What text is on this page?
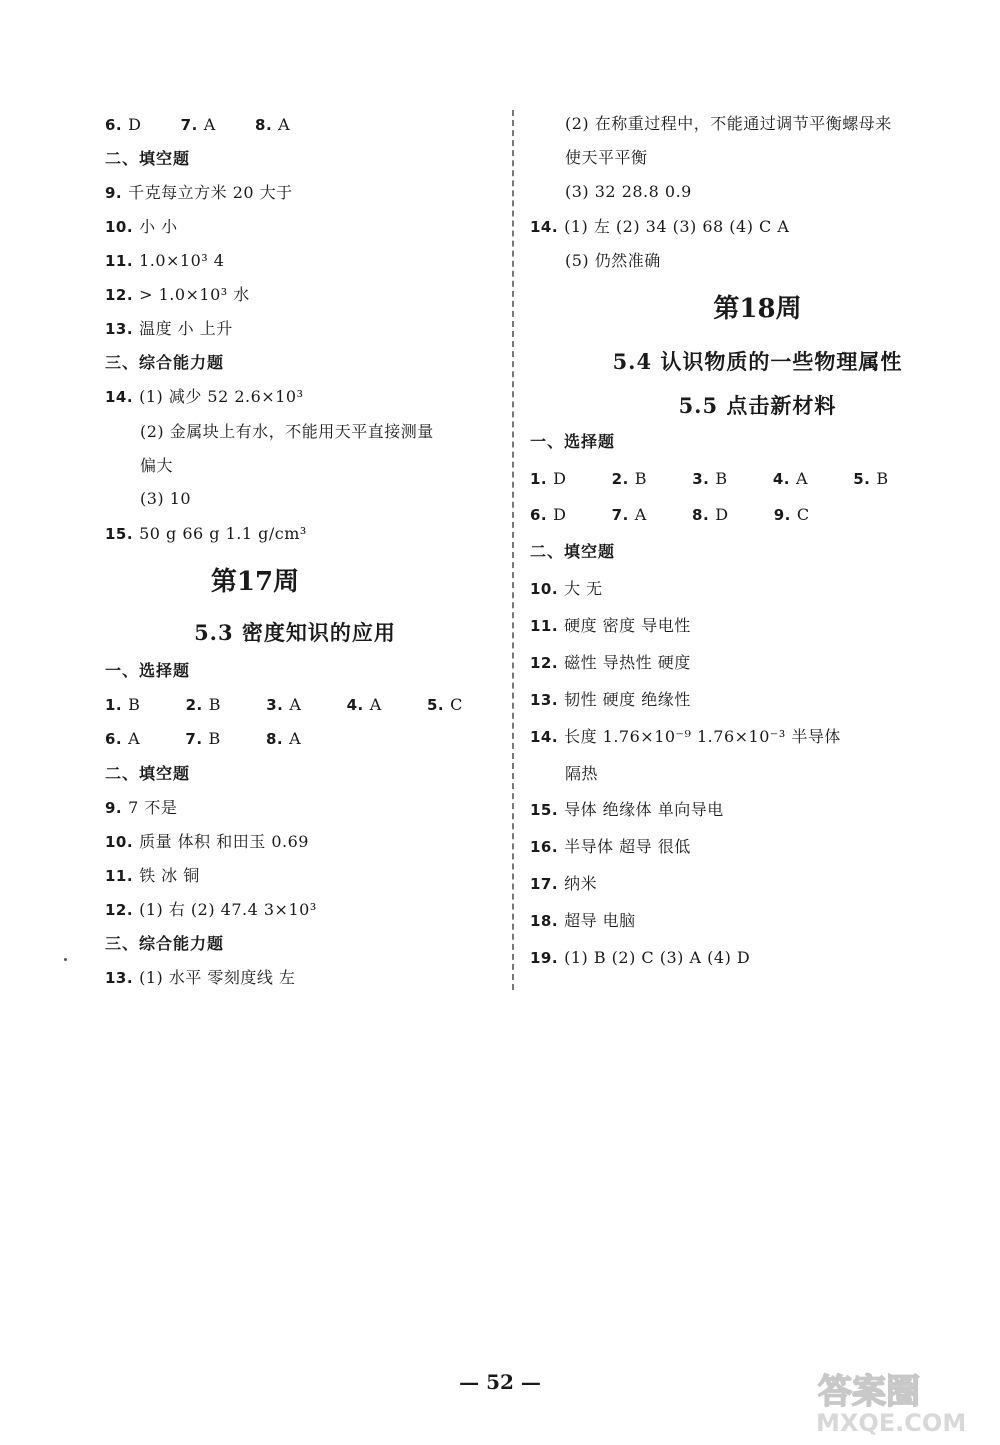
6. D  7. A  8. A
二、填空题
9. 千克每立方米 20 大于
10. 小 小
11. 1.0×10³ 4
12. > 1.0×10³ 水
13. 温度 小 上升
三、综合能力题
14. (1) 减少 52 2.6×10³
(2) 金属块上有水，不能用天平直接测量
偏大
(3) 10
15. 50 g 66 g 1.1 g/cm³
第17周
5.3 密度知识的应用
一、选择题
1. B	2. B	3. A	4. A	5. C
6. A	7. B	8. A
二、填空题
9. 7 不是
10. 质量 体积 和田玉 0.69
11. 铁 冰 铜
12. (1) 右 (2) 47.4 3×10³
三、综合能力题
13. (1) 水平 零刻度线 左
(2) 在称重过程中，不能通过调节平衡螺母来
使天平平衡
(3) 32 28.8 0.9
14. (1) 左 (2) 34 (3) 68 (4) C A
(5) 仍然准确
第18周
5.4 认识物质的一些物理属性
5.5 点击新材料
一、选择题
1. D	2. B	3. B	4. A	5. B
6. D	7. A	8. D	9. C
二、填空题
10. 大 无
11. 硬度 密度 导电性
12. 磁性 导热性 硬度
13. 韧性 硬度 绝缘性
14. 长度 1.76×10⁻⁹ 1.76×10⁻³ 半导体
隔热
15. 导体 绝缘体 单向导电
16. 半导体 超导 很低
17. 纳米
18. 超导 电脑
19. (1) B (2) C (3) A (4) D
— 52 —	答案圈
MXQE.COM
